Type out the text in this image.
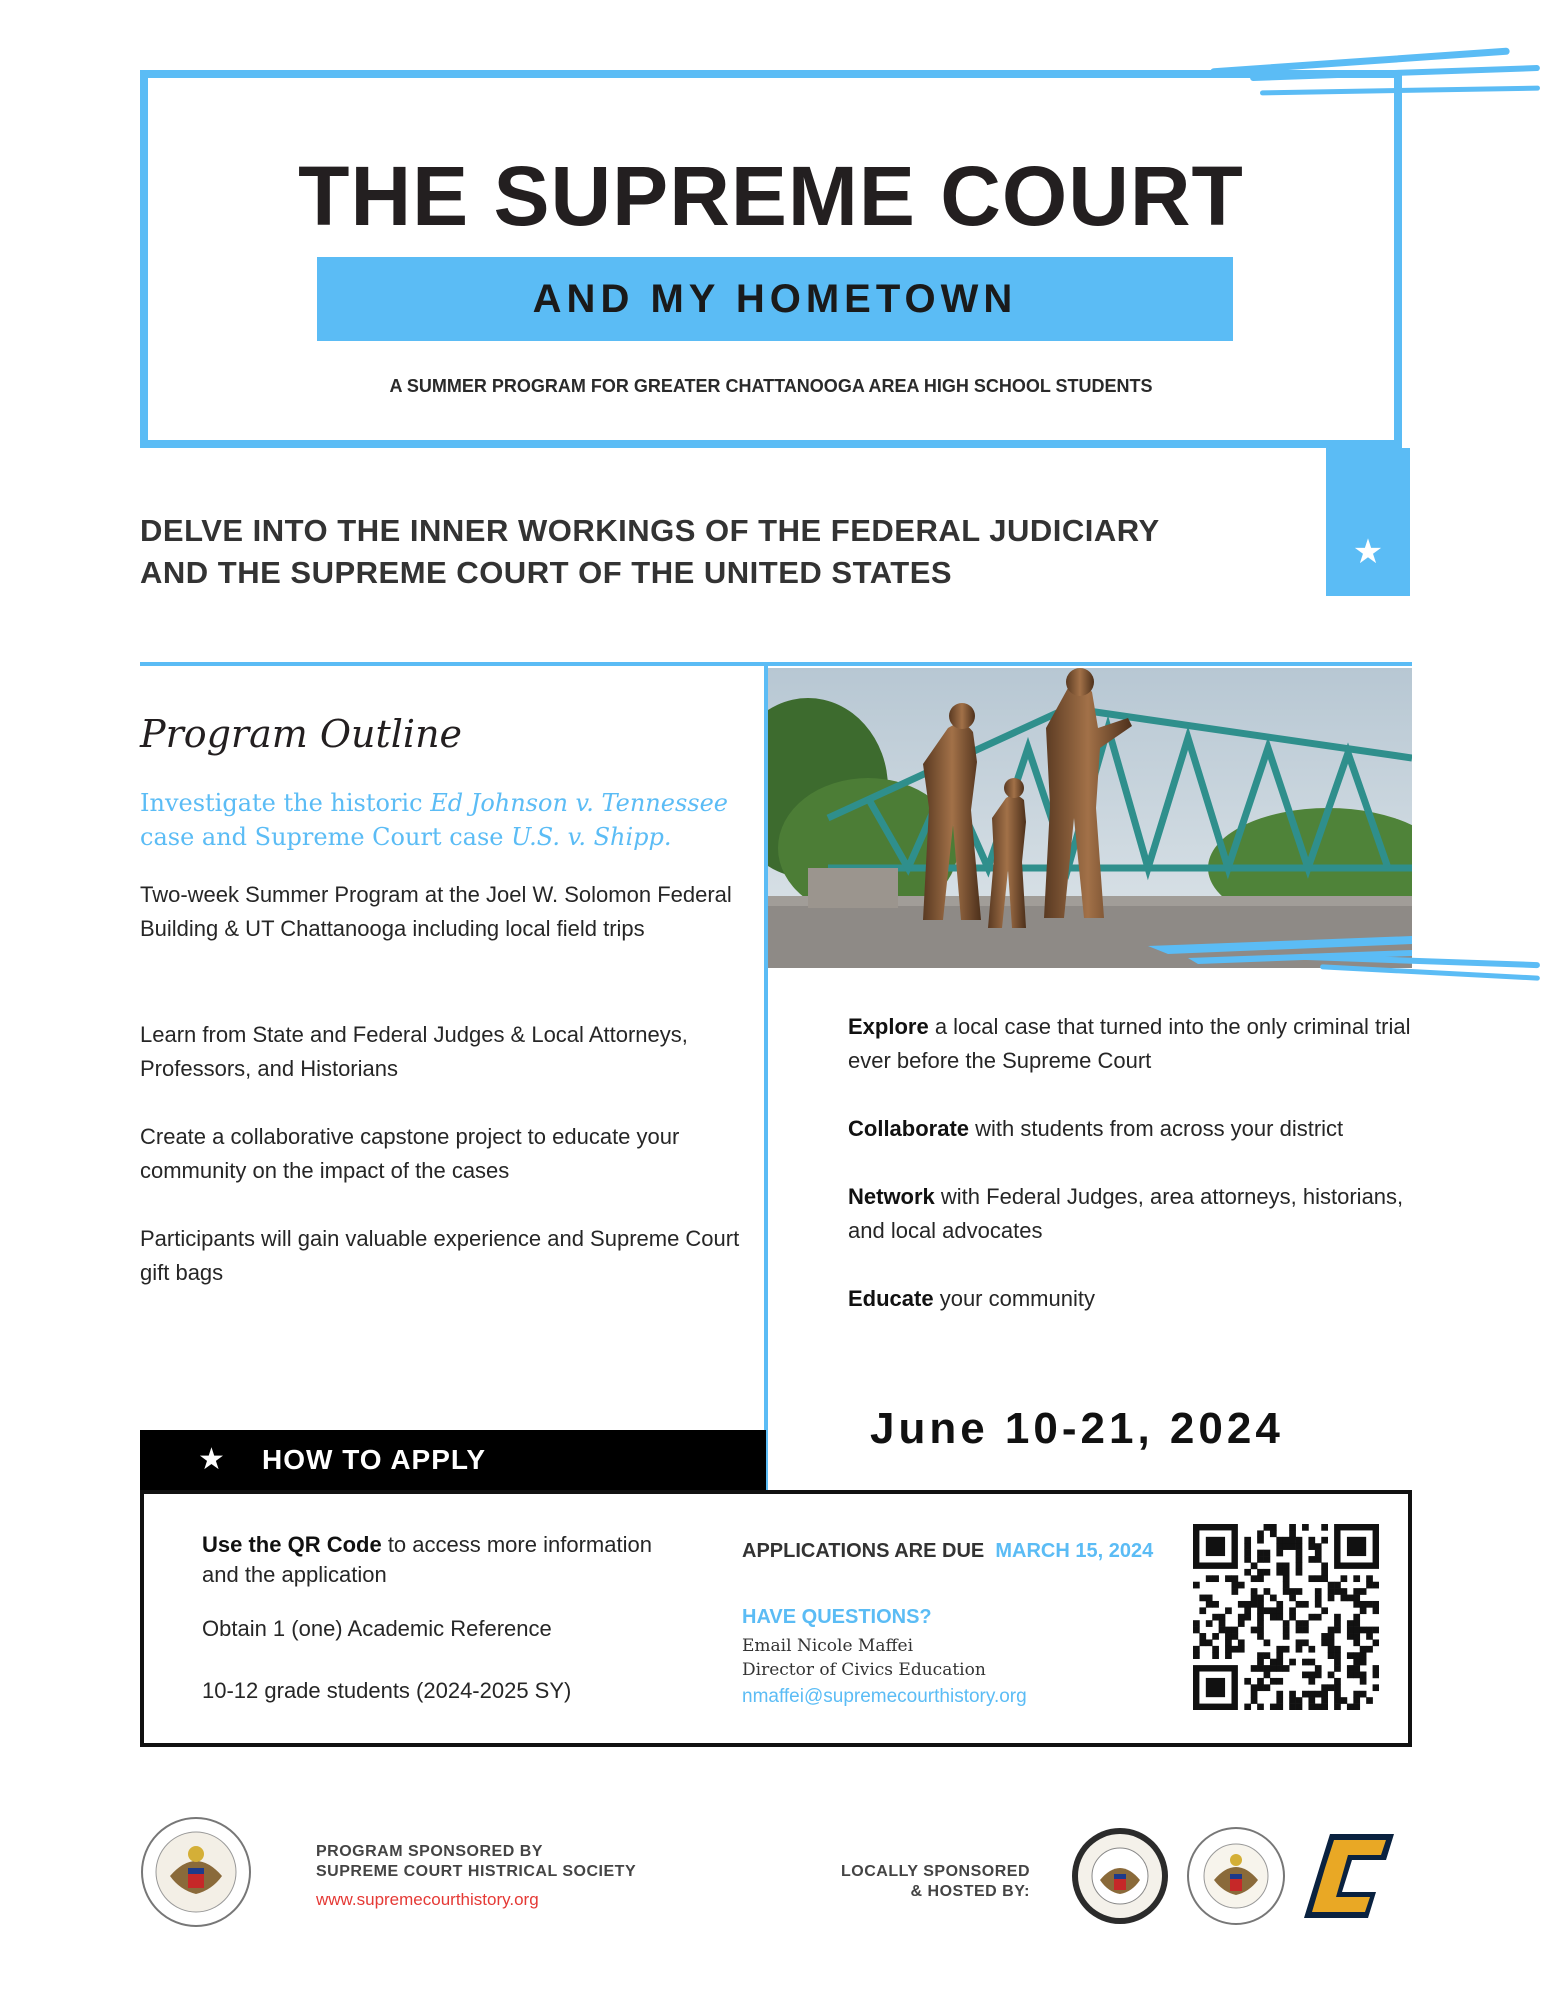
THE SUPREME COURT
AND MY HOMETOWN
A SUMMER PROGRAM FOR GREATER CHATTANOOGA AREA HIGH SCHOOL STUDENTS
★
DELVE INTO THE INNER WORKINGS OF THE FEDERAL JUDICIARY
AND THE SUPREME COURT OF THE UNITED STATES
Program Outline
Investigate the historic Ed Johnson v. Tennessee case and Supreme Court case U.S. v. Shipp.
Two-week Summer Program at the Joel W. Solomon Federal Building & UT Chattanooga including local field trips
Learn from State and Federal Judges & Local Attorneys, Professors, and Historians
Create a collaborative capstone project to educate your community on the impact of the cases
Participants will gain valuable experience and Supreme Court gift bags
Explore a local case that turned into the only criminal trial ever before the Supreme Court
Collaborate with students from across your district
Network with Federal Judges, area attorneys, historians, and local advocates
Educate your community
June 10-21, 2024
★ HOW TO APPLY
Use the QR Code to access more information and the application
Obtain 1 (one) Academic Reference
10-12 grade students (2024-2025 SY)
APPLICATIONS ARE DUE MARCH 15, 2024
HAVE QUESTIONS?
Email Nicole Maffei
Director of Civics Education
nmaffei@supremecourthistory.org
PROGRAM SPONSORED BY
SUPREME COURT HISTRICAL SOCIETY
www.supremecourthistory.org
LOCALLY SPONSORED
& HOSTED BY:
